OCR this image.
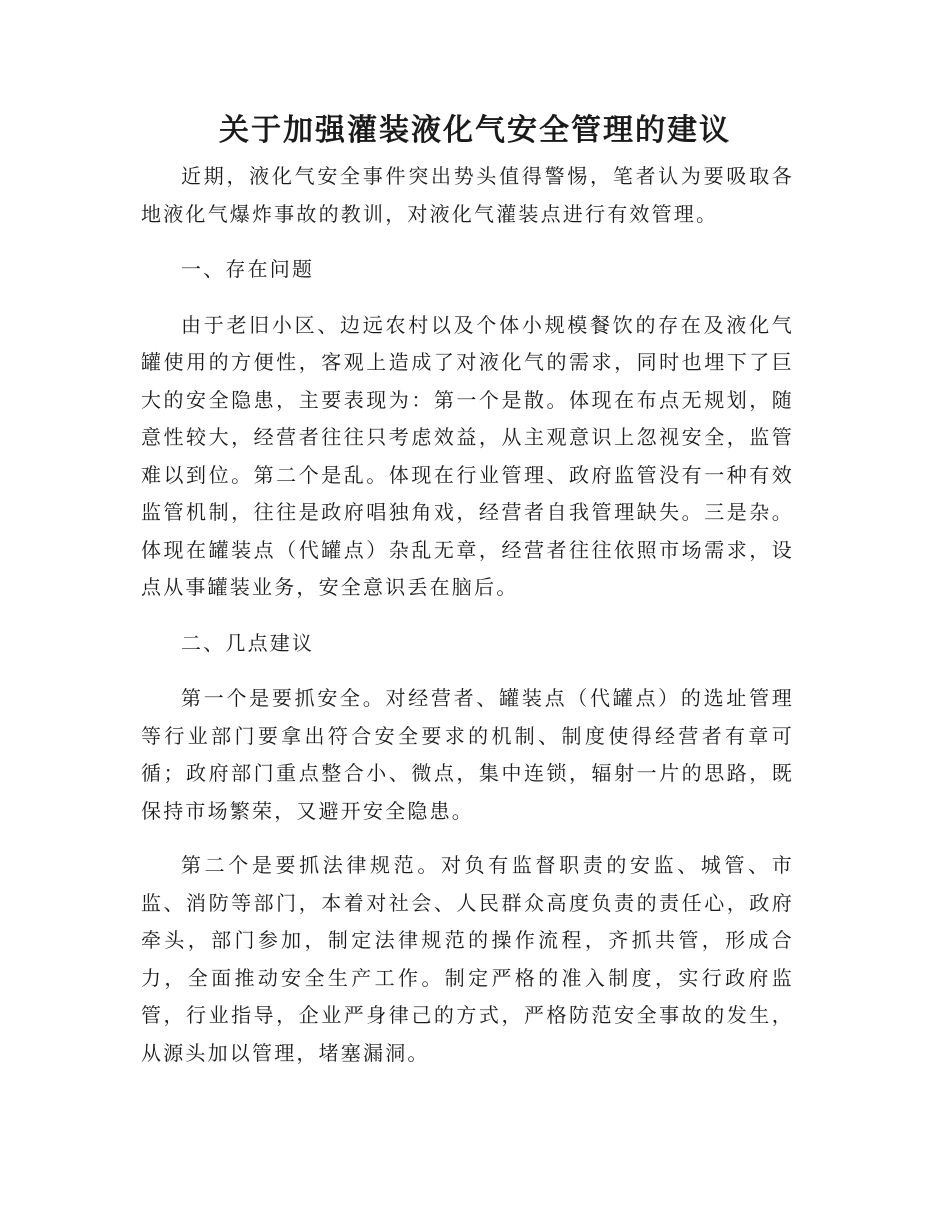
关于加强灌装液化气安全管理的建议

近期，液化气安全事件突出势头值得警惕，笔者认为要吸取各地液化气爆炸事故的教训，对液化气灌装点进行有效管理。

一、存在问题

由于老旧小区、边远农村以及个体小规模餐饮的存在及液化气罐使用的方便性，客观上造成了对液化气的需求，同时也埋下了巨大的安全隐患，主要表现为：第一个是散。体现在布点无规划，随意性较大，经营者往往只考虑效益，从主观意识上忽视安全，监管难以到位。第二个是乱。体现在行业管理、政府监管没有一种有效监管机制，往往是政府唱独角戏，经营者自我管理缺失。三是杂。体现在罐装点（代罐点）杂乱无章，经营者往往依照市场需求，设点从事罐装业务，安全意识丢在脑后。

二、几点建议

第一个是要抓安全。对经营者、罐装点（代罐点）的选址管理等行业部门要拿出符合安全要求的机制、制度使得经营者有章可循；政府部门重点整合小、微点，集中连锁，辐射一片的思路，既保持市场繁荣，又避开安全隐患。

第二个是要抓法律规范。对负有监督职责的安监、城管、市监、消防等部门，本着对社会、人民群众高度负责的责任心，政府牵头，部门参加，制定法律规范的操作流程，齐抓共管，形成合力，全面推动安全生产工作。制定严格的准入制度，实行政府监管，行业指导，企业严身律己的方式，严格防范安全事故的发生，从源头加以管理，堵塞漏洞。
